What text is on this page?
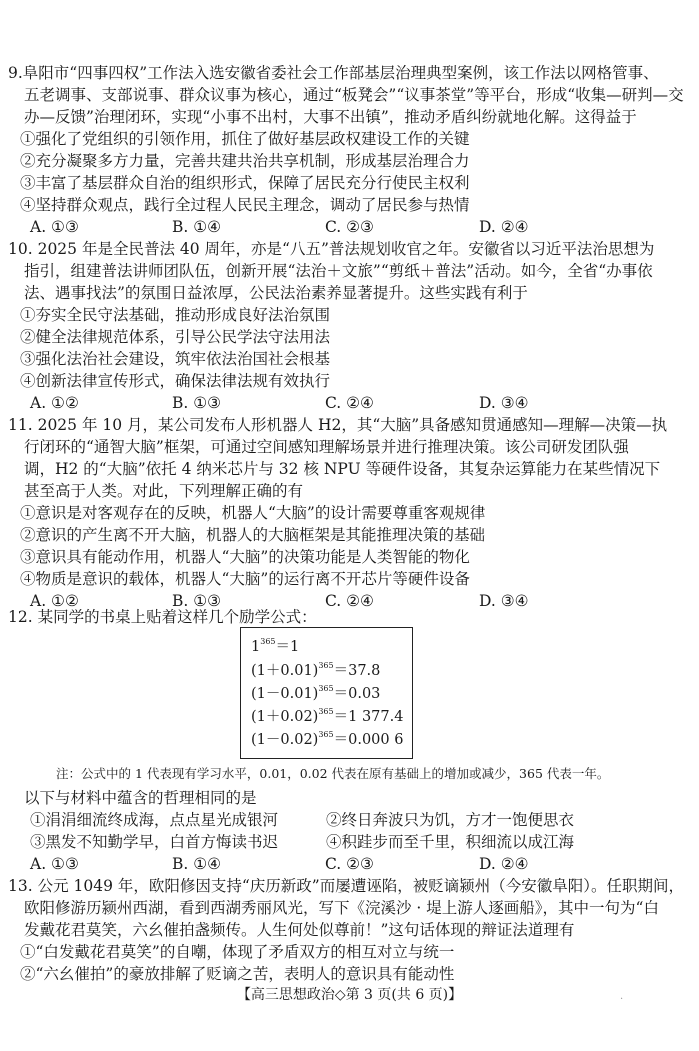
9.阜阳市“四事四权”工作法入选安徽省委社会工作部基层治理典型案例，该工作法以网格管事、
五老调事、支部说事、群众议事为核心，通过“板凳会”“议事茶堂”等平台，形成“收集—研判—交
办—反馈”治理闭环，实现“小事不出村，大事不出镇”，推动矛盾纠纷就地化解。这得益于
①强化了党组织的引领作用，抓住了做好基层政权建设工作的关键
②充分凝聚多方力量，完善共建共治共享机制，形成基层治理合力
③丰富了基层群众自治的组织形式，保障了居民充分行使民主权利
④坚持群众观点，践行全过程人民民主理念，调动了居民参与热情
A. ①③	B. ①④	C. ②③	D. ②④
10. 2025 年是全民普法 40 周年，亦是“八五”普法规划收官之年。安徽省以习近平法治思想为
指引，组建普法讲师团队伍，创新开展“法治＋文旅”“剪纸＋普法”活动。如今，全省“办事依
法、遇事找法”的氛围日益浓厚，公民法治素养显著提升。这些实践有利于
①夯实全民守法基础，推动形成良好法治氛围
②健全法律规范体系，引导公民学法守法用法
③强化法治社会建设，筑牢依法治国社会根基
④创新法律宣传形式，确保法律法规有效执行
A. ①②	B. ①③	C. ②④	D. ③④
11. 2025 年 10 月，某公司发布人形机器人 H2，其“大脑”具备感知贯通感知—理解—决策—执
行闭环的“通智大脑”框架，可通过空间感知理解场景并进行推理决策。该公司研发团队强
调，H2 的“大脑”依托 4 纳米芯片与 32 核 NPU 等硬件设备，其复杂运算能力在某些情况下
甚至高于人类。对此，下列理解正确的有
①意识是对客观存在的反映，机器人“大脑”的设计需要尊重客观规律
②意识的产生离不开大脑，机器人的大脑框架是其能推理决策的基础
③意识具有能动作用，机器人“大脑”的决策功能是人类智能的物化
④物质是意识的载体，机器人“大脑”的运行离不开芯片等硬件设备
A. ①②	B. ①③	C. ②④	D. ③④
12. 某同学的书桌上贴着这样几个励学公式：
$1^{365}=1$
$(1+0.01)^{365}=37.8$
$(1-0.01)^{365}=0.03$
$(1+0.02)^{365}=1$ 377.4
$(1-0.02)^{365}=0.000$ 6
注：公式中的 1 代表现有学习水平，0.01，0.02 代表在原有基础上的增加或减少，365 代表一年。
以下与材料中蕴含的哲理相同的是
①涓涓细流终成海，点点星光成银河	②终日奔波只为饥，方才一饱便思衣
③黑发不知勤学早，白首方悔读书迟	④积跬步而至千里，积细流以成江海
A. ①③	B. ①④	C. ②③	D. ②④
13. 公元 1049 年，欧阳修因支持“庆历新政”而屡遭诬陷，被贬谪颍州（今安徽阜阳）。任职期间，
欧阳修游历颍州西湖，看到西湖秀丽风光，写下《浣溪沙 · 堤上游人逐画船》，其中一句为“白
发戴花君莫笑，六幺催拍盏频传。人生何处似尊前！”这句话体现的辩证法道理有
①“白发戴花君莫笑”的自嘲，体现了矛盾双方的相互对立与统一
②“六幺催拍”的豪放排解了贬谪之苦，表明人的意识具有能动性
【高三思想政治◇第 3 页(共 6 页)】	.
